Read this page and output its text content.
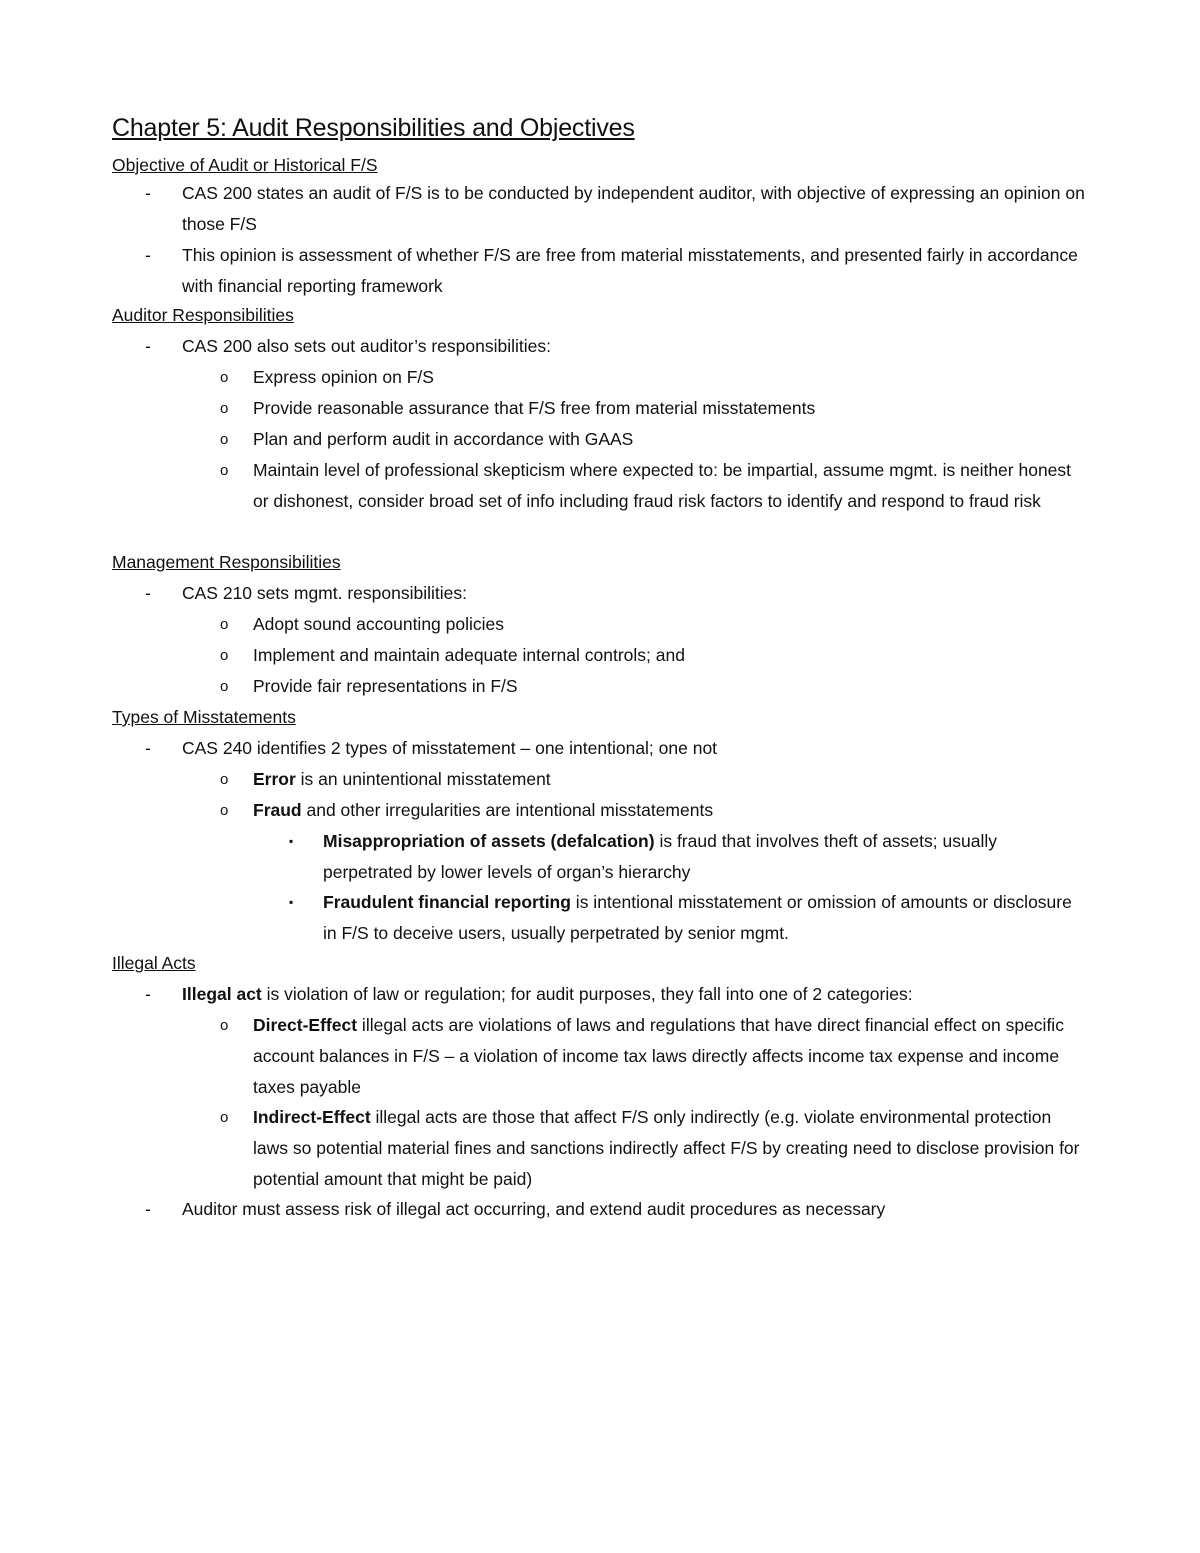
Chapter 5: Audit Responsibilities and Objectives
Objective of Audit or Historical F/S
- CAS 200 states an audit of F/S is to be conducted by independent auditor, with objective of expressing an opinion on those F/S
- This opinion is assessment of whether F/S are free from material misstatements, and presented fairly in accordance with financial reporting framework
Auditor Responsibilities
- CAS 200 also sets out auditor’s responsibilities:
o Express opinion on F/S
o Provide reasonable assurance that F/S free from material misstatements
o Plan and perform audit in accordance with GAAS
o Maintain level of professional skepticism where expected to: be impartial, assume mgmt. is neither honest or dishonest, consider broad set of info including fraud risk factors to identify and respond to fraud risk
Management Responsibilities
- CAS 210 sets mgmt. responsibilities:
o Adopt sound accounting policies
o Implement and maintain adequate internal controls; and
o Provide fair representations in F/S
Types of Misstatements
- CAS 240 identifies 2 types of misstatement – one intentional; one not
o Error is an unintentional misstatement
o Fraud and other irregularities are intentional misstatements
▪ Misappropriation of assets (defalcation) is fraud that involves theft of assets; usually perpetrated by lower levels of organ’s hierarchy
▪ Fraudulent financial reporting is intentional misstatement or omission of amounts or disclosure in F/S to deceive users, usually perpetrated by senior mgmt.
Illegal Acts
- Illegal act is violation of law or regulation; for audit purposes, they fall into one of 2 categories:
o Direct-Effect illegal acts are violations of laws and regulations that have direct financial effect on specific account balances in F/S – a violation of income tax laws directly affects income tax expense and income taxes payable
o Indirect-Effect illegal acts are those that affect F/S only indirectly (e.g. violate environmental protection laws so potential material fines and sanctions indirectly affect F/S by creating need to disclose provision for potential amount that might be paid)
- Auditor must assess risk of illegal act occurring, and extend audit procedures as necessary
